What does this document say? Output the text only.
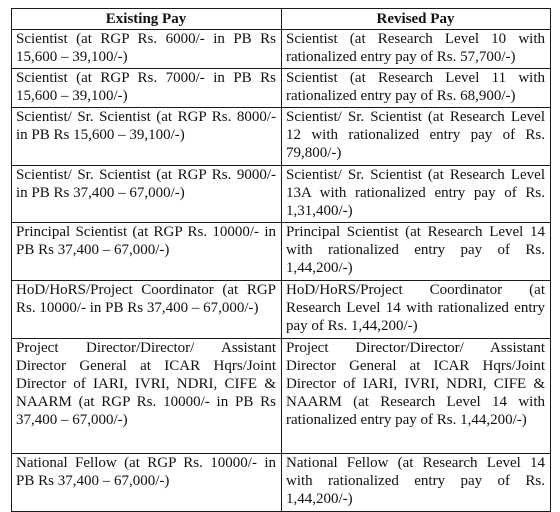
Existing Pay	Revised Pay
Scientist (at RGP Rs. 6000/- in PB Rs 15,600 – 39,100/-)	Scientist (at Research Level 10 with rationalized entry pay of Rs. 57,700/-)
Scientist (at RGP Rs. 7000/- in PB Rs 15,600 – 39,100/-)	Scientist (at Research Level 11 with rationalized entry pay of Rs. 68,900/-)
Scientist/ Sr. Scientist (at RGP Rs. 8000/- in PB Rs 15,600 – 39,100/-)	Scientist/ Sr. Scientist (at Research Level 12 with rationalized entry pay of Rs. 79,800/-)
Scientist/ Sr. Scientist (at RGP Rs. 9000/- in PB Rs 37,400 – 67,000/-)	Scientist/ Sr. Scientist (at Research Level 13A with rationalized entry pay of Rs. 1,31,400/-)
Principal Scientist (at RGP Rs. 10000/- in PB Rs 37,400 – 67,000/-)	Principal Scientist (at Research Level 14 with rationalized entry pay of Rs. 1,44,200/-)
HoD/HoRS/Project Coordinator (at RGP Rs. 10000/- in PB Rs 37,400 – 67,000/-)	HoD/HoRS/Project Coordinator (at Research Level 14 with rationalized entry pay of Rs. 1,44,200/-)
Project Director/Director/ Assistant Director General at ICAR Hqrs/Joint Director of IARI, IVRI, NDRI, CIFE & NAARM (at RGP Rs. 10000/- in PB Rs 37,400 – 67,000/-)	Project Director/Director/ Assistant Director General at ICAR Hqrs/Joint Director of IARI, IVRI, NDRI, CIFE & NAARM (at Research Level 14 with rationalized entry pay of Rs. 1,44,200/-)
National Fellow (at RGP Rs. 10000/- in PB Rs 37,400 – 67,000/-)	National Fellow (at Research Level 14 with rationalized entry pay of Rs. 1,44,200/-)
